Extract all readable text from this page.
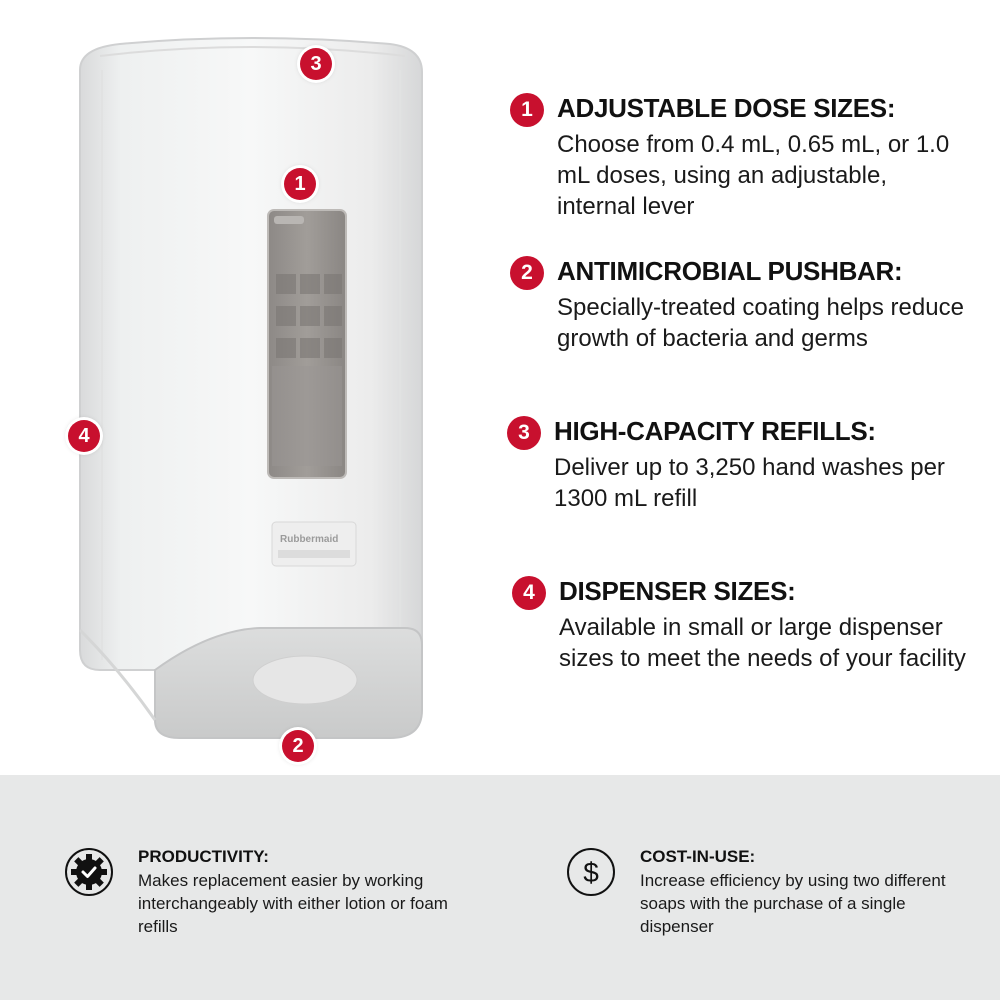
Rubbermaid
3
1
4
2
1 ADJUSTABLE DOSE SIZES:
Choose from 0.4 mL, 0.65 mL, or 1.0 mL doses, using an adjustable, internal lever
2 ANTIMICROBIAL PUSHBAR:
Specially-treated coating helps reduce growth of bacteria and germs
3 HIGH-CAPACITY REFILLS:
Deliver up to 3,250 hand washes per 1300 mL refill
4 DISPENSER SIZES:
Available in small or large dispenser sizes to meet the needs of your facility
PRODUCTIVITY:
Makes replacement easier by working interchangeably with either lotion or foam refills
$
COST-IN-USE:
Increase efficiency by using two different soaps with the purchase of a single dispenser
